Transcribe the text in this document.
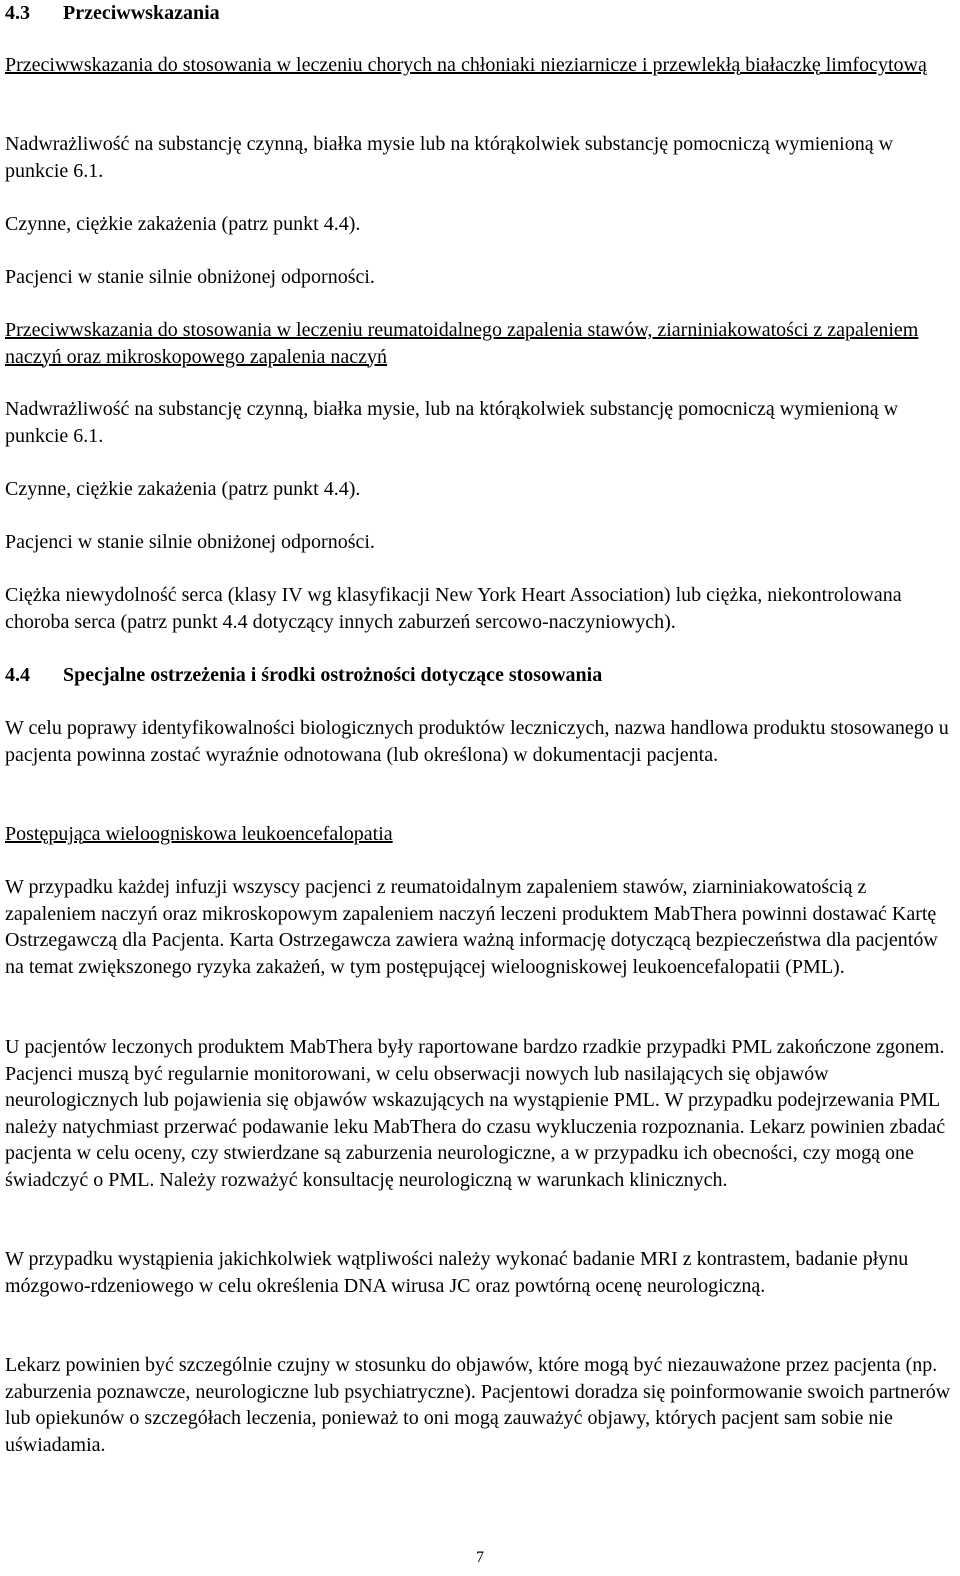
4.3	Przeciwwskazania

Przeciwwskazania do stosowania w leczeniu chorych na chłoniaki nieziarnicze i przewlekłą białaczkę limfocytową

Nadwrażliwość na substancję czynną, białka mysie lub na którąkolwiek substancję pomocniczą wymienioną w punkcie 6.1.

Czynne, ciężkie zakażenia (patrz punkt 4.4).

Pacjenci w stanie silnie obniżonej odporności.

Przeciwwskazania do stosowania w leczeniu reumatoidalnego zapalenia stawów, ziarniniakowatości z zapaleniem naczyń oraz mikroskopowego zapalenia naczyń

Nadwrażliwość na substancję czynną, białka mysie, lub na którąkolwiek substancję pomocniczą wymienioną w punkcie 6.1.

Czynne, ciężkie zakażenia (patrz punkt 4.4).

Pacjenci w stanie silnie obniżonej odporności.

Ciężka niewydolność serca (klasy IV wg klasyfikacji New York Heart Association) lub ciężka, niekontrolowana choroba serca (patrz punkt 4.4 dotyczący innych zaburzeń sercowo-naczyniowych).

4.4	Specjalne ostrzeżenia i środki ostrożności dotyczące stosowania

W celu poprawy identyfikowalności biologicznych produktów leczniczych, nazwa handlowa produktu stosowanego u pacjenta powinna zostać wyraźnie odnotowana (lub określona) w dokumentacji pacjenta.

Postępująca wieloogniskowa leukoencefalopatia

W przypadku każdej infuzji wszyscy pacjenci z reumatoidalnym zapaleniem stawów, ziarniniakowatością z zapaleniem naczyń oraz mikroskopowym zapaleniem naczyń leczeni produktem MabThera powinni dostawać Kartę Ostrzegawczą dla Pacjenta. Karta Ostrzegawcza zawiera ważną informację dotyczącą bezpieczeństwa dla pacjentów na temat zwiększonego ryzyka zakażeń, w tym postępującej wieloogniskowej leukoencefalopatii (PML).

U pacjentów leczonych produktem MabThera były raportowane bardzo rzadkie przypadki PML zakończone zgonem. Pacjenci muszą być regularnie monitorowani, w celu obserwacji nowych lub nasilających się objawów neurologicznych lub pojawienia się objawów wskazujących na wystąpienie PML. W przypadku podejrzewania PML należy natychmiast przerwać podawanie leku MabThera do czasu wykluczenia rozpoznania. Lekarz powinien zbadać pacjenta w celu oceny, czy stwierdzane są zaburzenia neurologiczne, a w przypadku ich obecności, czy mogą one świadczyć o PML. Należy rozważyć konsultację neurologiczną w warunkach klinicznych.

W przypadku wystąpienia jakichkolwiek wątpliwości należy wykonać badanie MRI z kontrastem, badanie płynu mózgowo-rdzeniowego w celu określenia DNA wirusa JC oraz powtórną ocenę neurologiczną.

Lekarz powinien być szczególnie czujny w stosunku do objawów, które mogą być niezauważone przez pacjenta (np. zaburzenia poznawcze, neurologiczne lub psychiatryczne). Pacjentowi doradza się poinformowanie swoich partnerów lub opiekunów o szczegółach leczenia, ponieważ to oni mogą zauważyć objawy, których pacjent sam sobie nie uświadamia.

7
